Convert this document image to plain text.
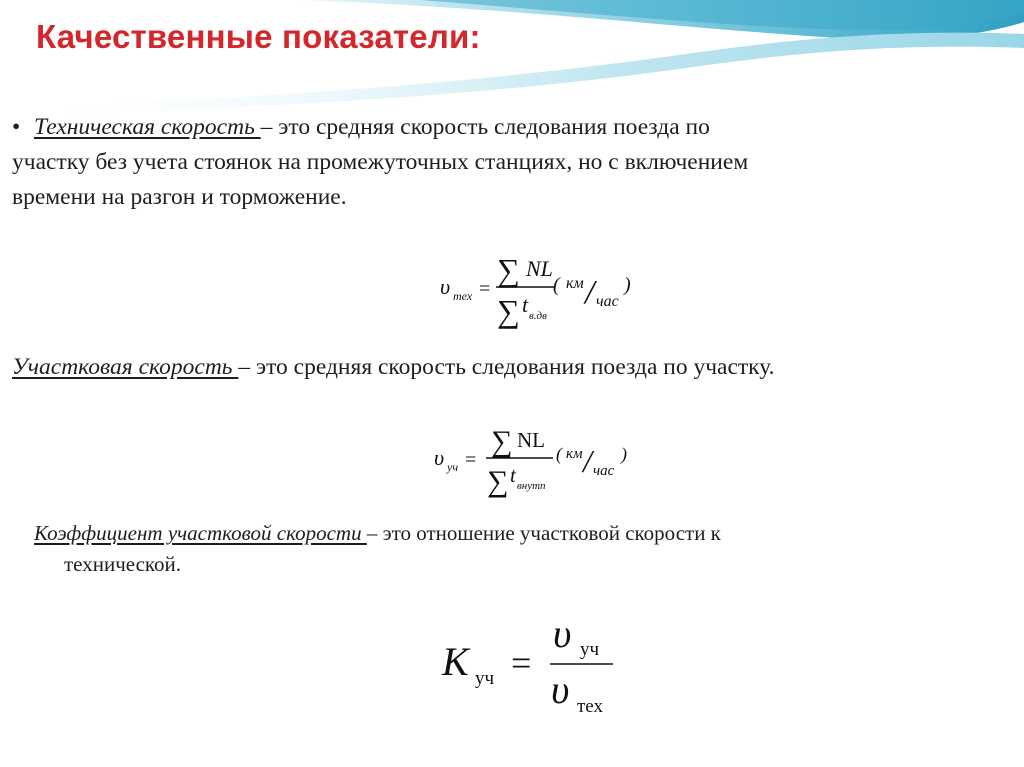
Качественные показатели:
• Техническая скорость – это средняя скорость следования поезда по
участку без учета стоянок на промежуточных станциях, но с включением
времени на разгон и торможение.
υ тех =
∑ NL
∑ t в.дв
( км / час
)
Участковая скорость – это средняя скорость следования поезда по участку.
υ уч =
∑ NL
∑ t внутп
( км / час
)
Коэффициент участковой скорости – это отношение участковой скорости к
технической.
K уч =
υ уч
υ тех
